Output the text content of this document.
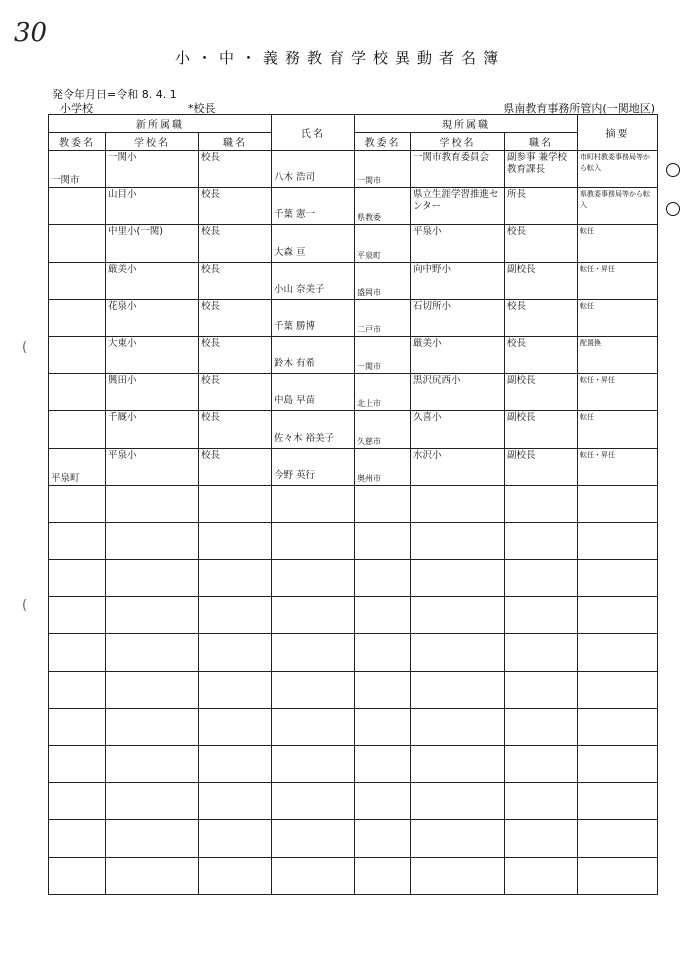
30
小・中・義務教育学校異動者名簿
発令年月日=令和 8. 4. 1
小学校	*校長	県南教育事務所管内(一関地区)
(
(
新所属職			氏名	現所属職			摘要
教委名	学校名	職名		教委名	学校名	職名	

一関市	一関小	校長	八木 浩司	一関市	一関市教育委員会	副参事 兼学校教育課長	市町村教委事務局等から転入

	山目小	校長	千葉 憲一	県教委	県立生涯学習推進センター	所長	県教委事務局等から転入

	中里小(一関)	校長	大森 亘	平泉町	平泉小	校長	転任

	厳美小	校長	小山 奈美子	盛岡市	向中野小	副校長	転任・昇任

	花泉小	校長	千葉 勝博	二戸市	石切所小	校長	転任

	大東小	校長	鈴木 有希	一関市	厳美小	校長	配置換

	興田小	校長	中島 早苗	北上市	黒沢尻西小	副校長	転任・昇任

	千厩小	校長	佐々木 裕美子	久慈市	久喜小	副校長	転任

平泉町	平泉小	校長	今野 英行	奥州市	水沢小	副校長	転任・昇任
